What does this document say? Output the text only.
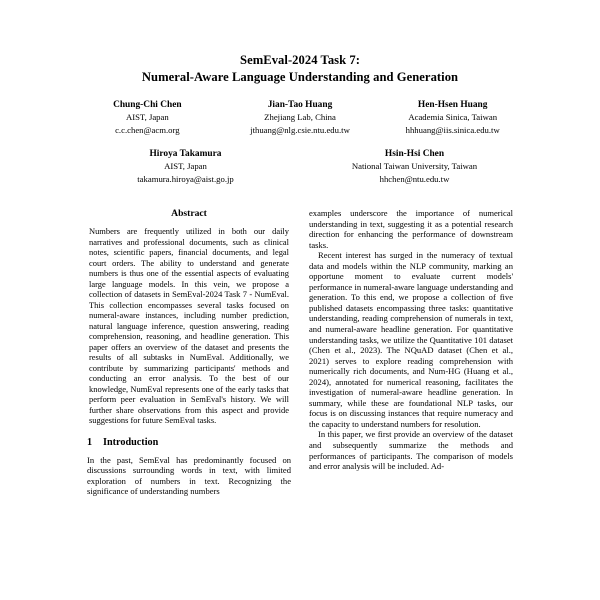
SemEval-2024 Task 7:
Numeral-Aware Language Understanding and Generation
Chung-Chi Chen
AIST, Japan
c.c.chen@acm.org
Jian-Tao Huang
Zhejiang Lab, China
jthuang@nlg.csie.ntu.edu.tw
Hen-Hsen Huang
Academia Sinica, Taiwan
hhhuang@iis.sinica.edu.tw
Hiroya Takamura
AIST, Japan
takamura.hiroya@aist.go.jp
Hsin-Hsi Chen
National Taiwan University, Taiwan
hhchen@ntu.edu.tw
Abstract

Numbers are frequently utilized in both our daily narratives and professional documents, such as clinical notes, scientific papers, financial documents, and legal court orders. The ability to understand and generate numbers is thus one of the essential aspects of evaluating large language models. In this vein, we propose a collection of datasets in SemEval-2024 Task 7 - NumEval. This collection encompasses several tasks focused on numeral-aware instances, including number prediction, natural language inference, question answering, reading comprehension, reasoning, and headline generation. This paper offers an overview of the dataset and presents the results of all subtasks in NumEval. Additionally, we contribute by summarizing participants' methods and conducting an error analysis. To the best of our knowledge, NumEval represents one of the early tasks that perform peer evaluation in SemEval's history. We will further share observations from this aspect and provide suggestions for future SemEval tasks.

1	Introduction

In the past, SemEval has predominantly focused on discussions surrounding words in text, with limited exploration of numbers in text. Recognizing the significance of understanding numbers

examples underscore the importance of numerical understanding in text, suggesting it as a potential research direction for enhancing the performance of downstream tasks.

Recent interest has surged in the numeracy of textual data and models within the NLP community, marking an opportune moment to evaluate current models' performance in numeral-aware language understanding and generation. To this end, we propose a collection of five published datasets encompassing three tasks: quantitative understanding, reading comprehension of numerals in text, and numeral-aware headline generation. For quantitative understanding tasks, we utilize the Quantitative 101 dataset (Chen et al., 2023). The NQuAD dataset (Chen et al., 2021) serves to explore reading comprehension with numerically rich documents, and Num-HG (Huang et al., 2024), annotated for numerical reasoning, facilitates the investigation of numeral-aware headline generation. In summary, while these are foundational NLP tasks, our focus is on discussing instances that require numeracy and the capacity to understand numbers for resolution.

In this paper, we first provide an overview of the dataset and subsequently summarize the methods and performances of participants. The comparison of models and error analysis will be included. Ad-
